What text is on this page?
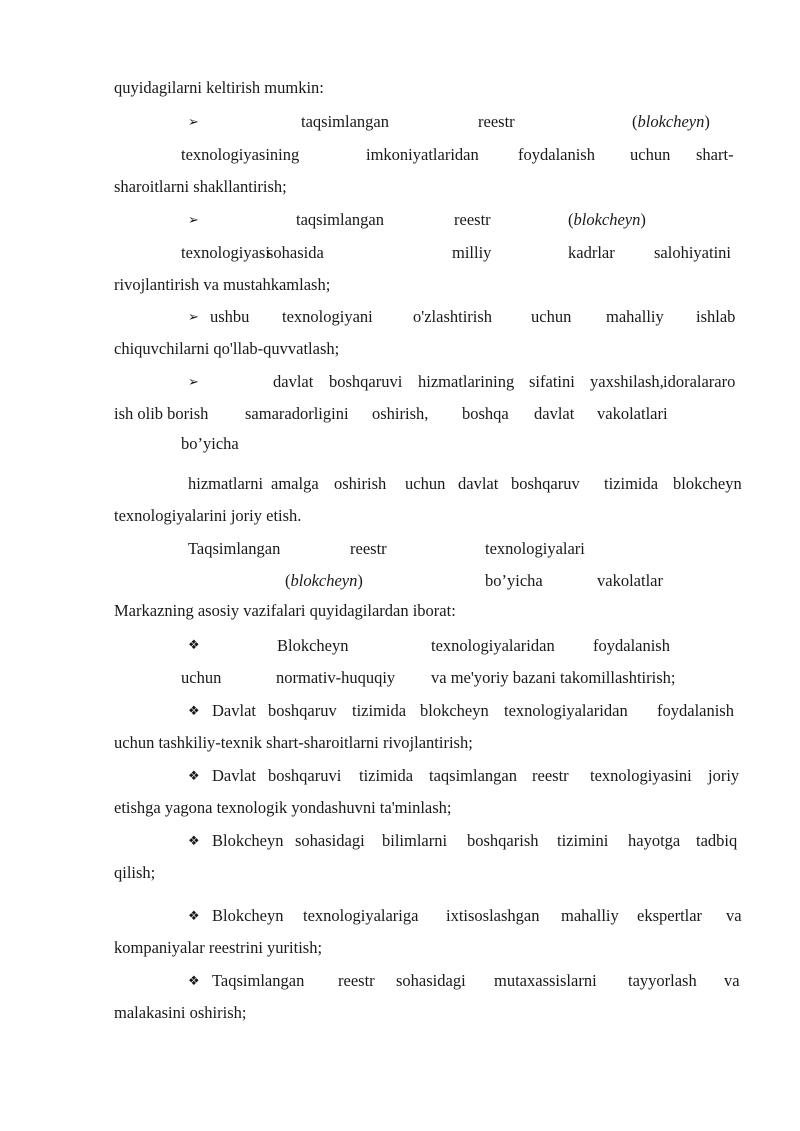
quyidagilarni keltirish mumkin:
➢	taqsimlangan	reestr	(blokcheyn)
texnologiyasining	imkoniyatlaridan foydalanish uchun shart-
sharoitlarni shakllantirish;
➢	taqsimlangan	reestr	(blokcheyn)
texnologiyasi
sohasida	milliy	kadrlar salohiyatini
rivojlantirish va mustahkamlash;
➢ ushbu texnologiyani o'zlashtirish uchun mahalliy ishlab
chiquvchilarni qo'llab-quvvatlash;
➢	davlat boshqaruvi hizmatlarining sifatini yaxshilash, idoralararo
ish olib borish samaradorligini oshirish, boshqa davlat vakolatlari
bo’yicha
hizmatlarni amalga oshirish uchun davlat boshqaruv tizimida blokcheyn
texnologiyalarini joriy etish.
Taqsimlangan	reestr	texnologiyalari
(blokcheyn)	bo’yicha	vakolatlar
Markazning asosiy vazifalari quyidagilardan iborat:
❖	Blokcheyn	texnologiyalaridan foydalanish
uchun	normativ-huquqiy va me'yoriy bazani takomillashtirish;
❖ Davlat boshqaruv tizimida blokcheyn texnologiyalaridan foydalanish
uchun tashkiliy-texnik shart-sharoitlarni rivojlantirish;
❖ Davlat boshqaruvi tizimida taqsimlangan reestr texnologiyasini joriy
etishga yagona texnologik yondashuvni ta'minlash;
❖ Blokcheyn sohasidagi bilimlarni boshqarish tizimini hayotga tadbiq
qilish;
❖ Blokcheyn texnologiyalariga ixtisoslashgan mahalliy ekspertlar va
kompaniyalar reestrini yuritish;
❖ Taqsimlangan reestr sohasidagi mutaxassislarni tayyorlash va
malakasini oshirish;
